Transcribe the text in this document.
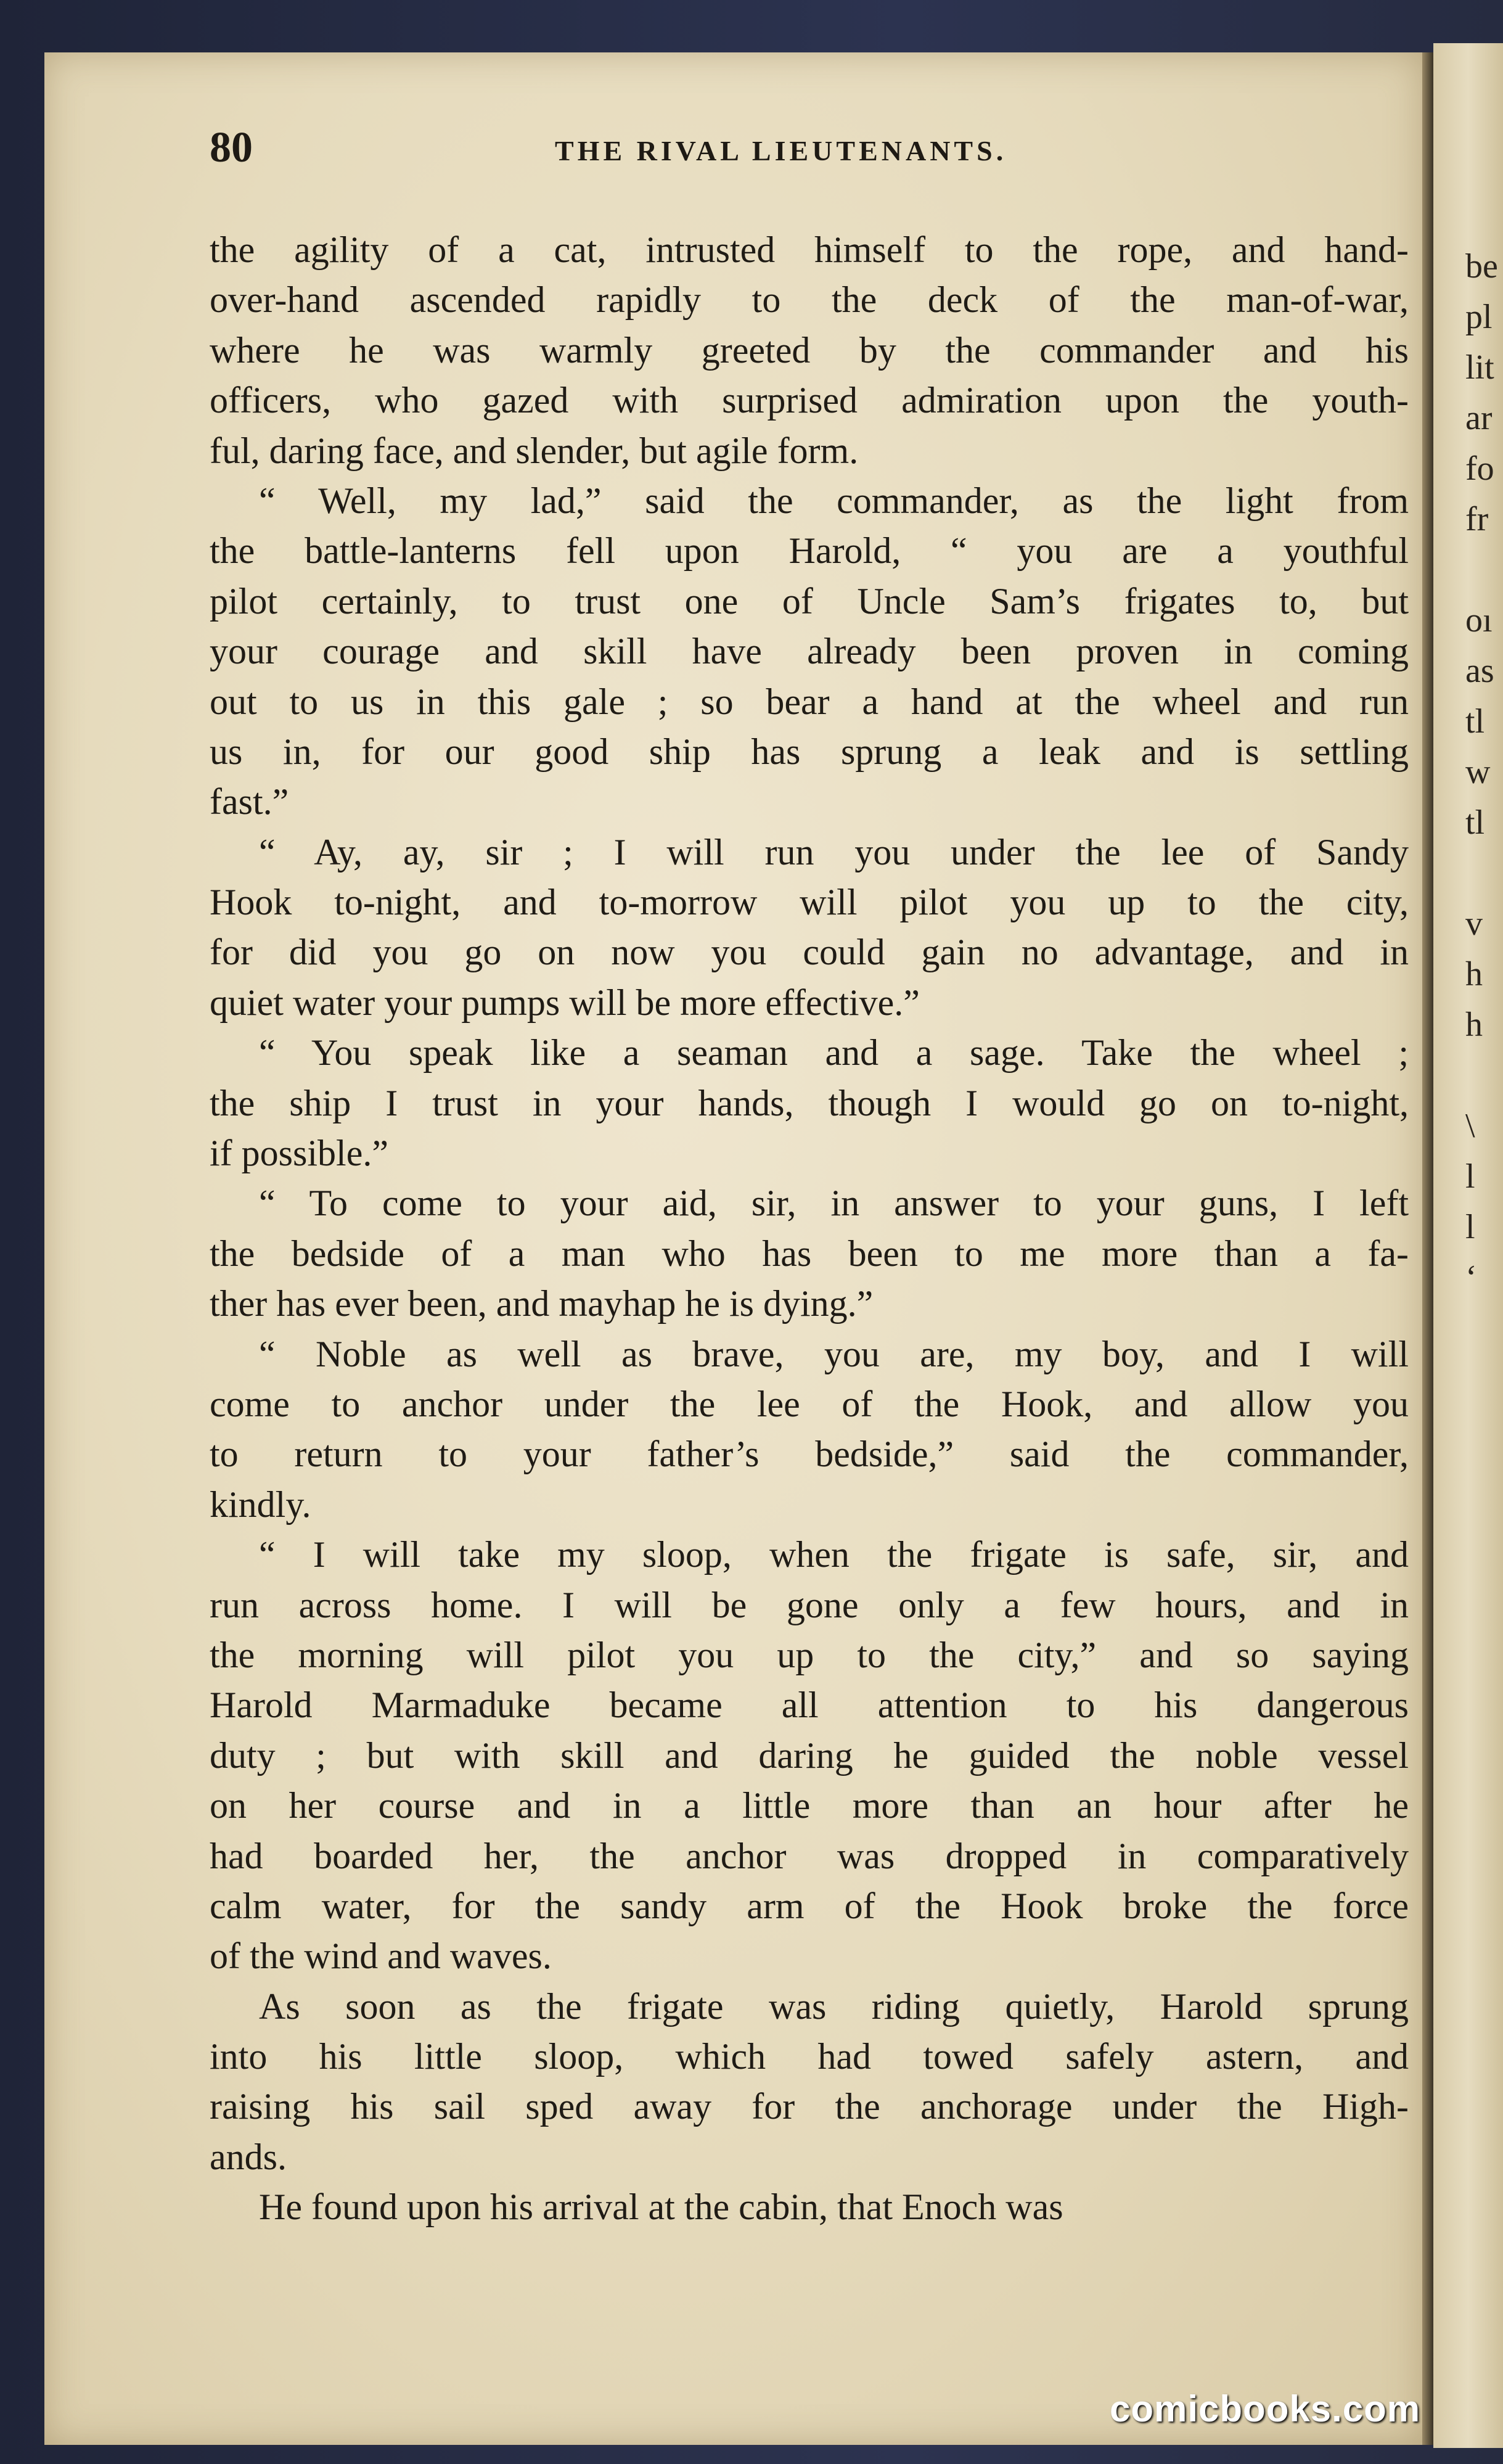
be
pl
lit
ar
fo
fr
oı
as
tl
w
tl
v
h
h
\
l
l
‘
80	THE RIVAL LIEUTENANTS.
the agility of a cat, intrusted himself to the rope, and hand-
over-hand ascended rapidly to the deck of the man-of-war,
where he was warmly greeted by the commander and his
officers, who gazed with surprised admiration upon the youth-
ful, daring face, and slender, but agile form.
“ Well, my lad,” said the commander, as the light from
the battle-lanterns fell upon Harold, “ you are a youthful
pilot certainly, to trust one of Uncle Sam’s frigates to, but
your courage and skill have already been proven in coming
out to us in this gale ; so bear a hand at the wheel and run
us in, for our good ship has sprung a leak and is settling
fast.”
“ Ay, ay, sir ; I will run you under the lee of Sandy
Hook to-night, and to-morrow will pilot you up to the city,
for did you go on now you could gain no advantage, and in
quiet water your pumps will be more effective.”
“ You speak like a seaman and a sage. Take the wheel ;
the ship I trust in your hands, though I would go on to-night,
if possible.”
“ To come to your aid, sir, in answer to your guns, I left
the bedside of a man who has been to me more than a fa-
ther has ever been, and mayhap he is dying.”
“ Noble as well as brave, you are, my boy, and I will
come to anchor under the lee of the Hook, and allow you
to return to your father’s bedside,” said the commander,
kindly.
“ I will take my sloop, when the frigate is safe, sir, and
run across home. I will be gone only a few hours, and in
the morning will pilot you up to the city,” and so saying
Harold Marmaduke became all attention to his dangerous
duty ; but with skill and daring he guided the noble vessel
on her course and in a little more than an hour after he
had boarded her, the anchor was dropped in comparatively
calm water, for the sandy arm of the Hook broke the force
of the wind and waves.
As soon as the frigate was riding quietly, Harold sprung
into his little sloop, which had towed safely astern, and
raising his sail sped away for the anchorage under the High-
ands.
He found upon his arrival at the cabin, that Enoch was
comicbooks.com
